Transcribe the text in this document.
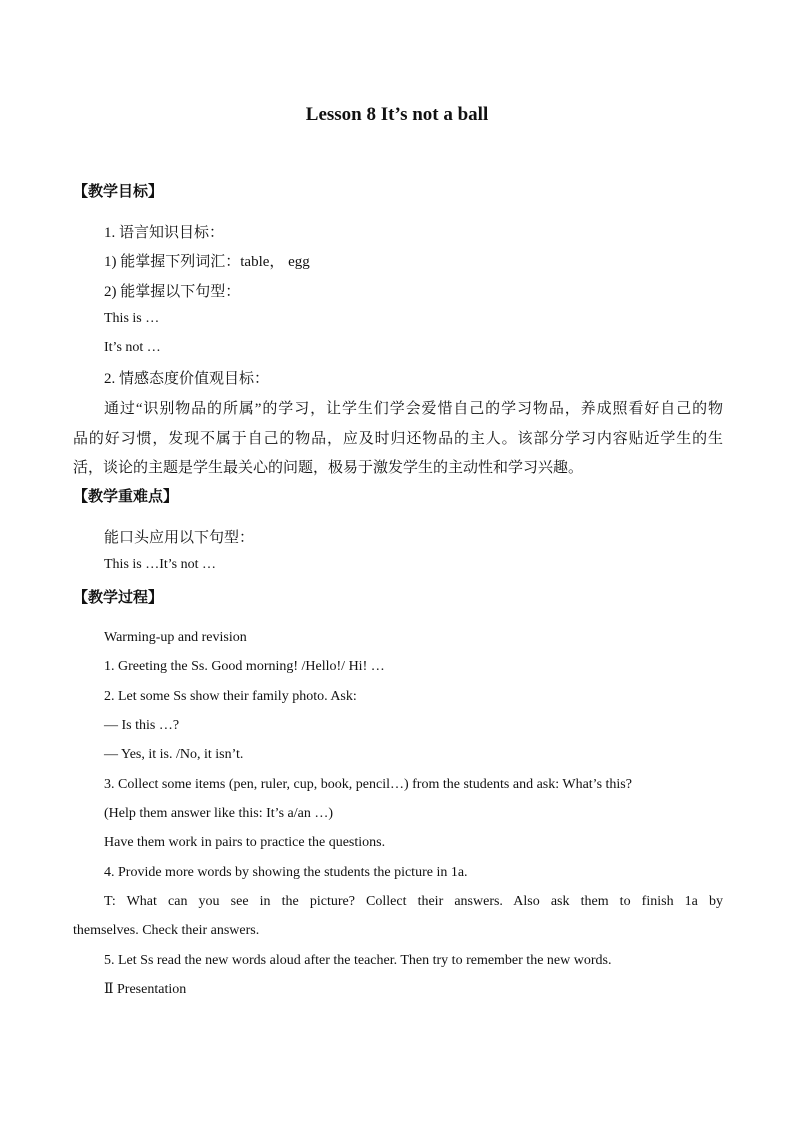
Lesson 8 It’s not a ball

【教学目标】

1. 语言知识目标：

1) 能掌握下列词汇：table， egg

2) 能掌握以下句型：

This is …

It’s not …

2. 情感态度价值观目标：

通过“识别物品的所属”的学习，让学生们学会爱惜自己的学习物品，养成照看好自己的物

品的好习惯，发现不属于自己的物品，应及时归还物品的主人。该部分学习内容贴近学生的生

活，谈论的主题是学生最关心的问题，极易于激发学生的主动性和学习兴趣。

【教学重难点】

能口头应用以下句型：

This is …It’s not …

【教学过程】

Warming-up and revision

1. Greeting the Ss. Good morning! /Hello!/ Hi! …

2. Let some Ss show their family photo. Ask:

— Is this …?

— Yes, it is. /No, it isn’t.

3. Collect some items (pen, ruler, cup, book, pencil…) from the students and ask: What’s this?

(Help them answer like this: It’s a/an …)

Have them work in pairs to practice the questions.

4. Provide more words by showing the students the picture in 1a.

T: What can you see in the picture? Collect their answers. Also ask them to finish 1a by

themselves. Check their answers.

5. Let Ss read the new words aloud after the teacher. Then try to remember the new words.

Ⅱ Presentation
